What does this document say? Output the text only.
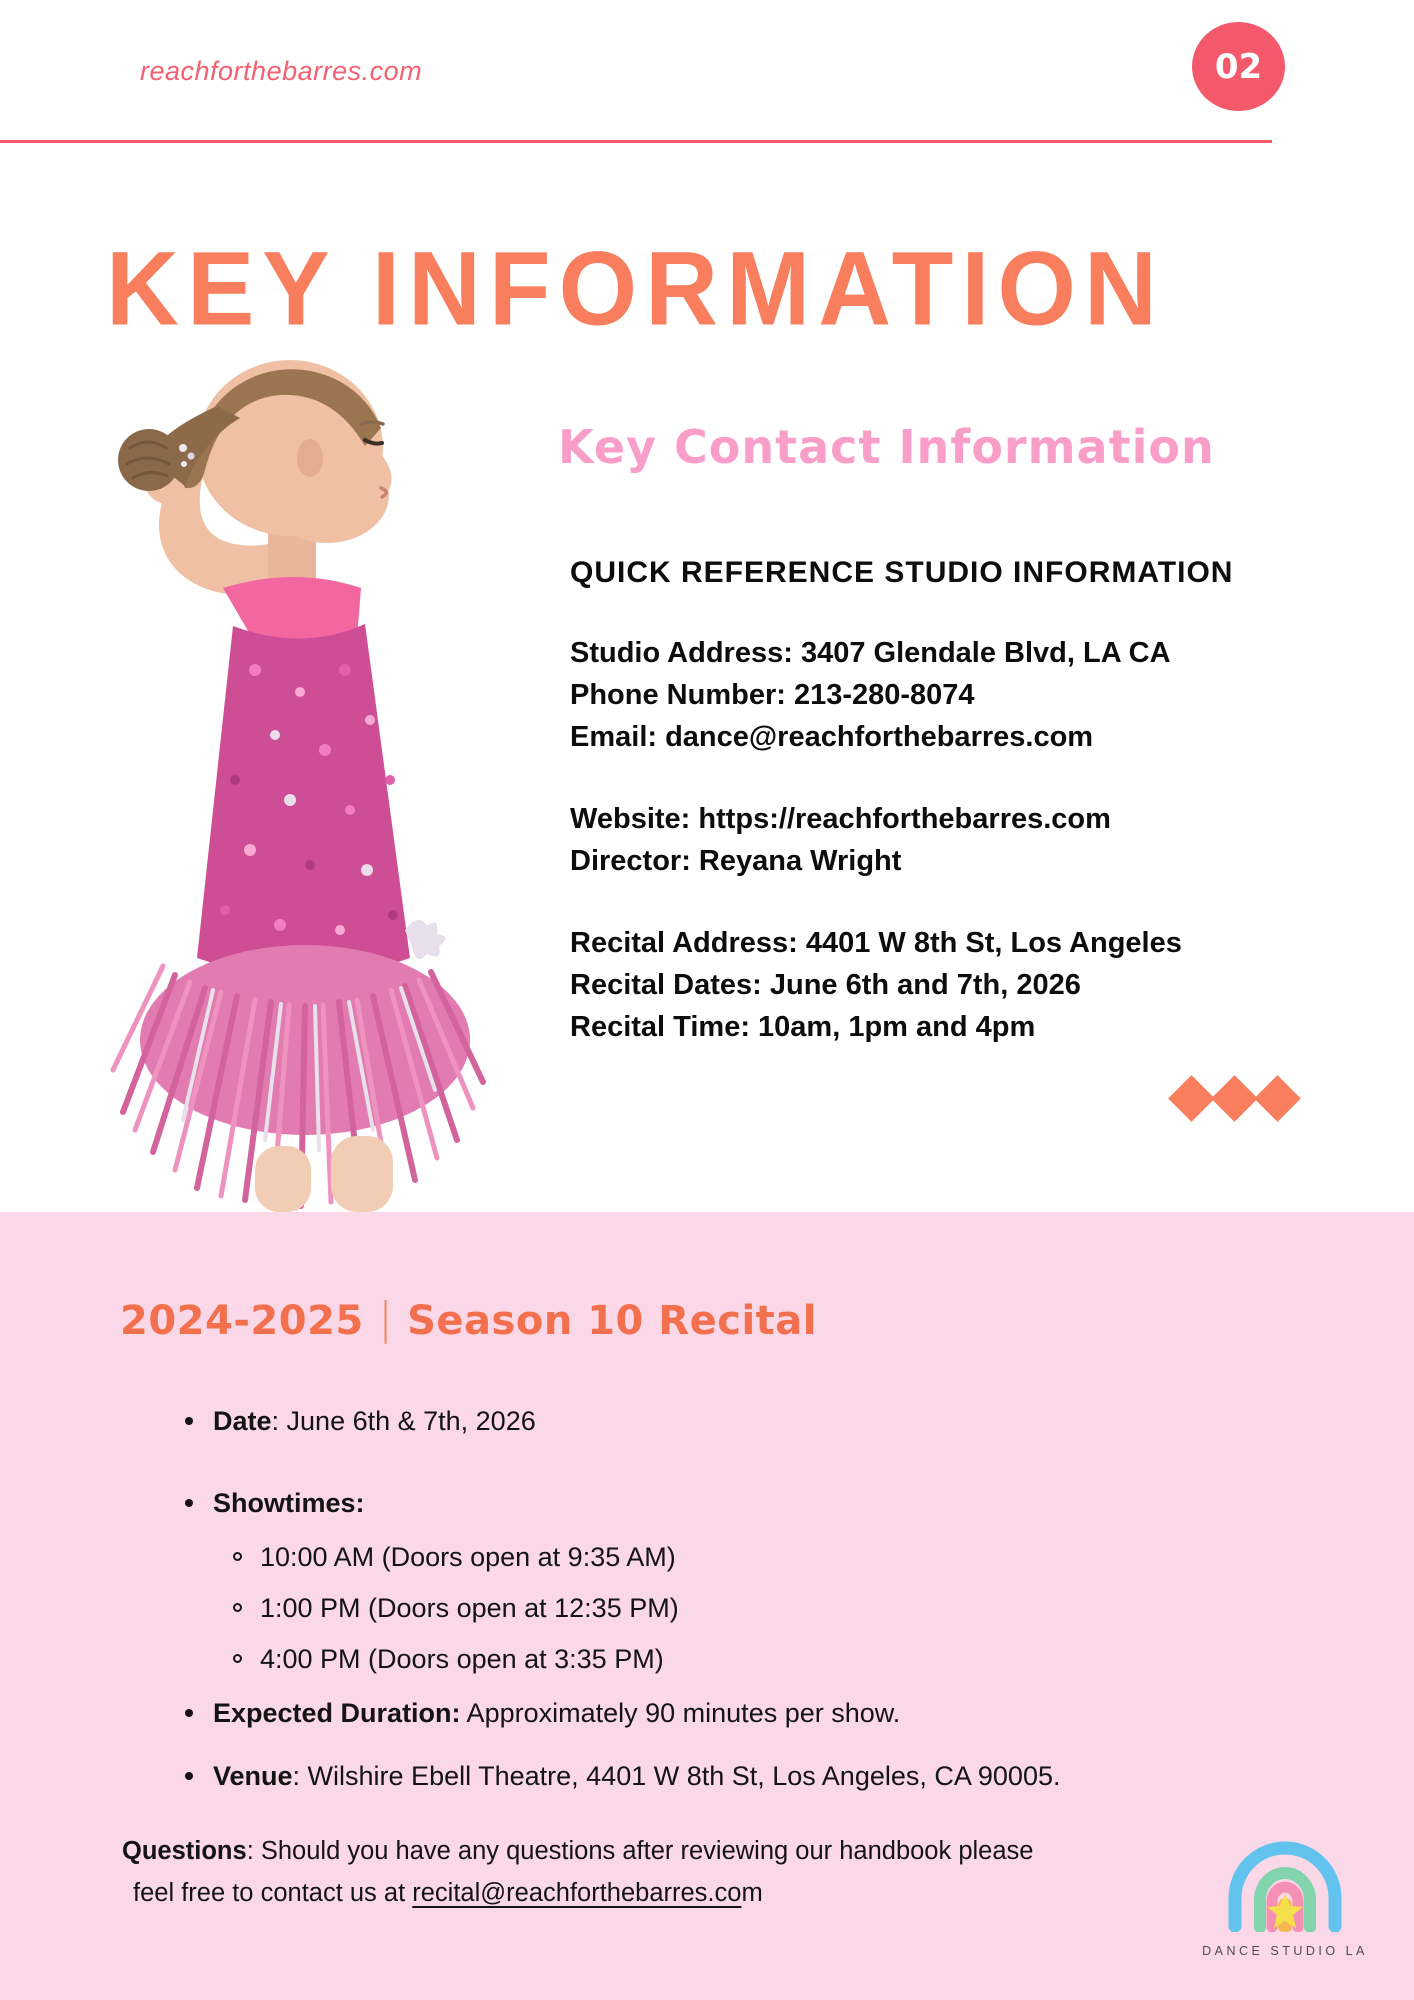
reachforthebarres.com	02
KEY INFORMATION
Key Contact Information
QUICK REFERENCE STUDIO INFORMATION
Studio Address: 3407 Glendale Blvd, LA CA
Phone Number: 213-280-8074
Email: dance@reachforthebarres.com
Website: https://reachforthebarres.com
Director: Reyana Wright
Recital Address: 4401 W 8th St, Los Angeles
Recital Dates: June 6th and 7th, 2026
Recital Time: 10am, 1pm and 4pm
2024-2025 | Season 10 Recital
Date: June 6th & 7th, 2026
Showtimes:
10:00 AM (Doors open at 9:35 AM)
1:00 PM (Doors open at 12:35 PM)
4:00 PM (Doors open at 3:35 PM)
Expected Duration: Approximately 90 minutes per show.
Venue: Wilshire Ebell Theatre, 4401 W 8th St, Los Angeles, CA 90005.
Questions: Should you have any questions after reviewing our handbook please
feel free to contact us at recital@reachforthebarres.com
DANCE STUDIO LA
